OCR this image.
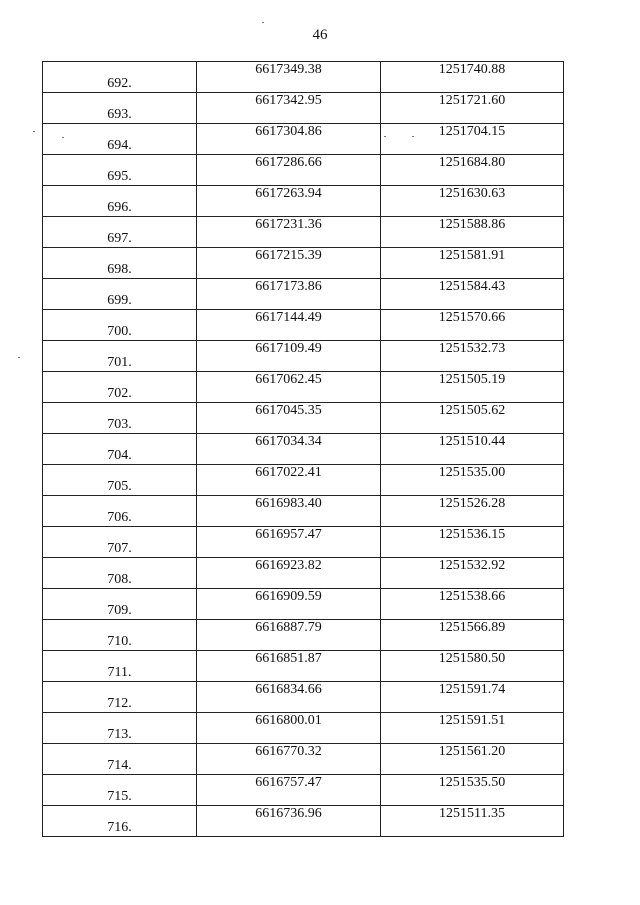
46
692.	6617349.38	1251740.88
693.	6617342.95	1251721.60
694.	6617304.86	1251704.15
695.	6617286.66	1251684.80
696.	6617263.94	1251630.63
697.	6617231.36	1251588.86
698.	6617215.39	1251581.91
699.	6617173.86	1251584.43
700.	6617144.49	1251570.66
701.	6617109.49	1251532.73
702.	6617062.45	1251505.19
703.	6617045.35	1251505.62
704.	6617034.34	1251510.44
705.	6617022.41	1251535.00
706.	6616983.40	1251526.28
707.	6616957.47	1251536.15
708.	6616923.82	1251532.92
709.	6616909.59	1251538.66
710.	6616887.79	1251566.89
711.	6616851.87	1251580.50
712.	6616834.66	1251591.74
713.	6616800.01	1251591.51
714.	6616770.32	1251561.20
715.	6616757.47	1251535.50
716.	6616736.96	1251511.35
